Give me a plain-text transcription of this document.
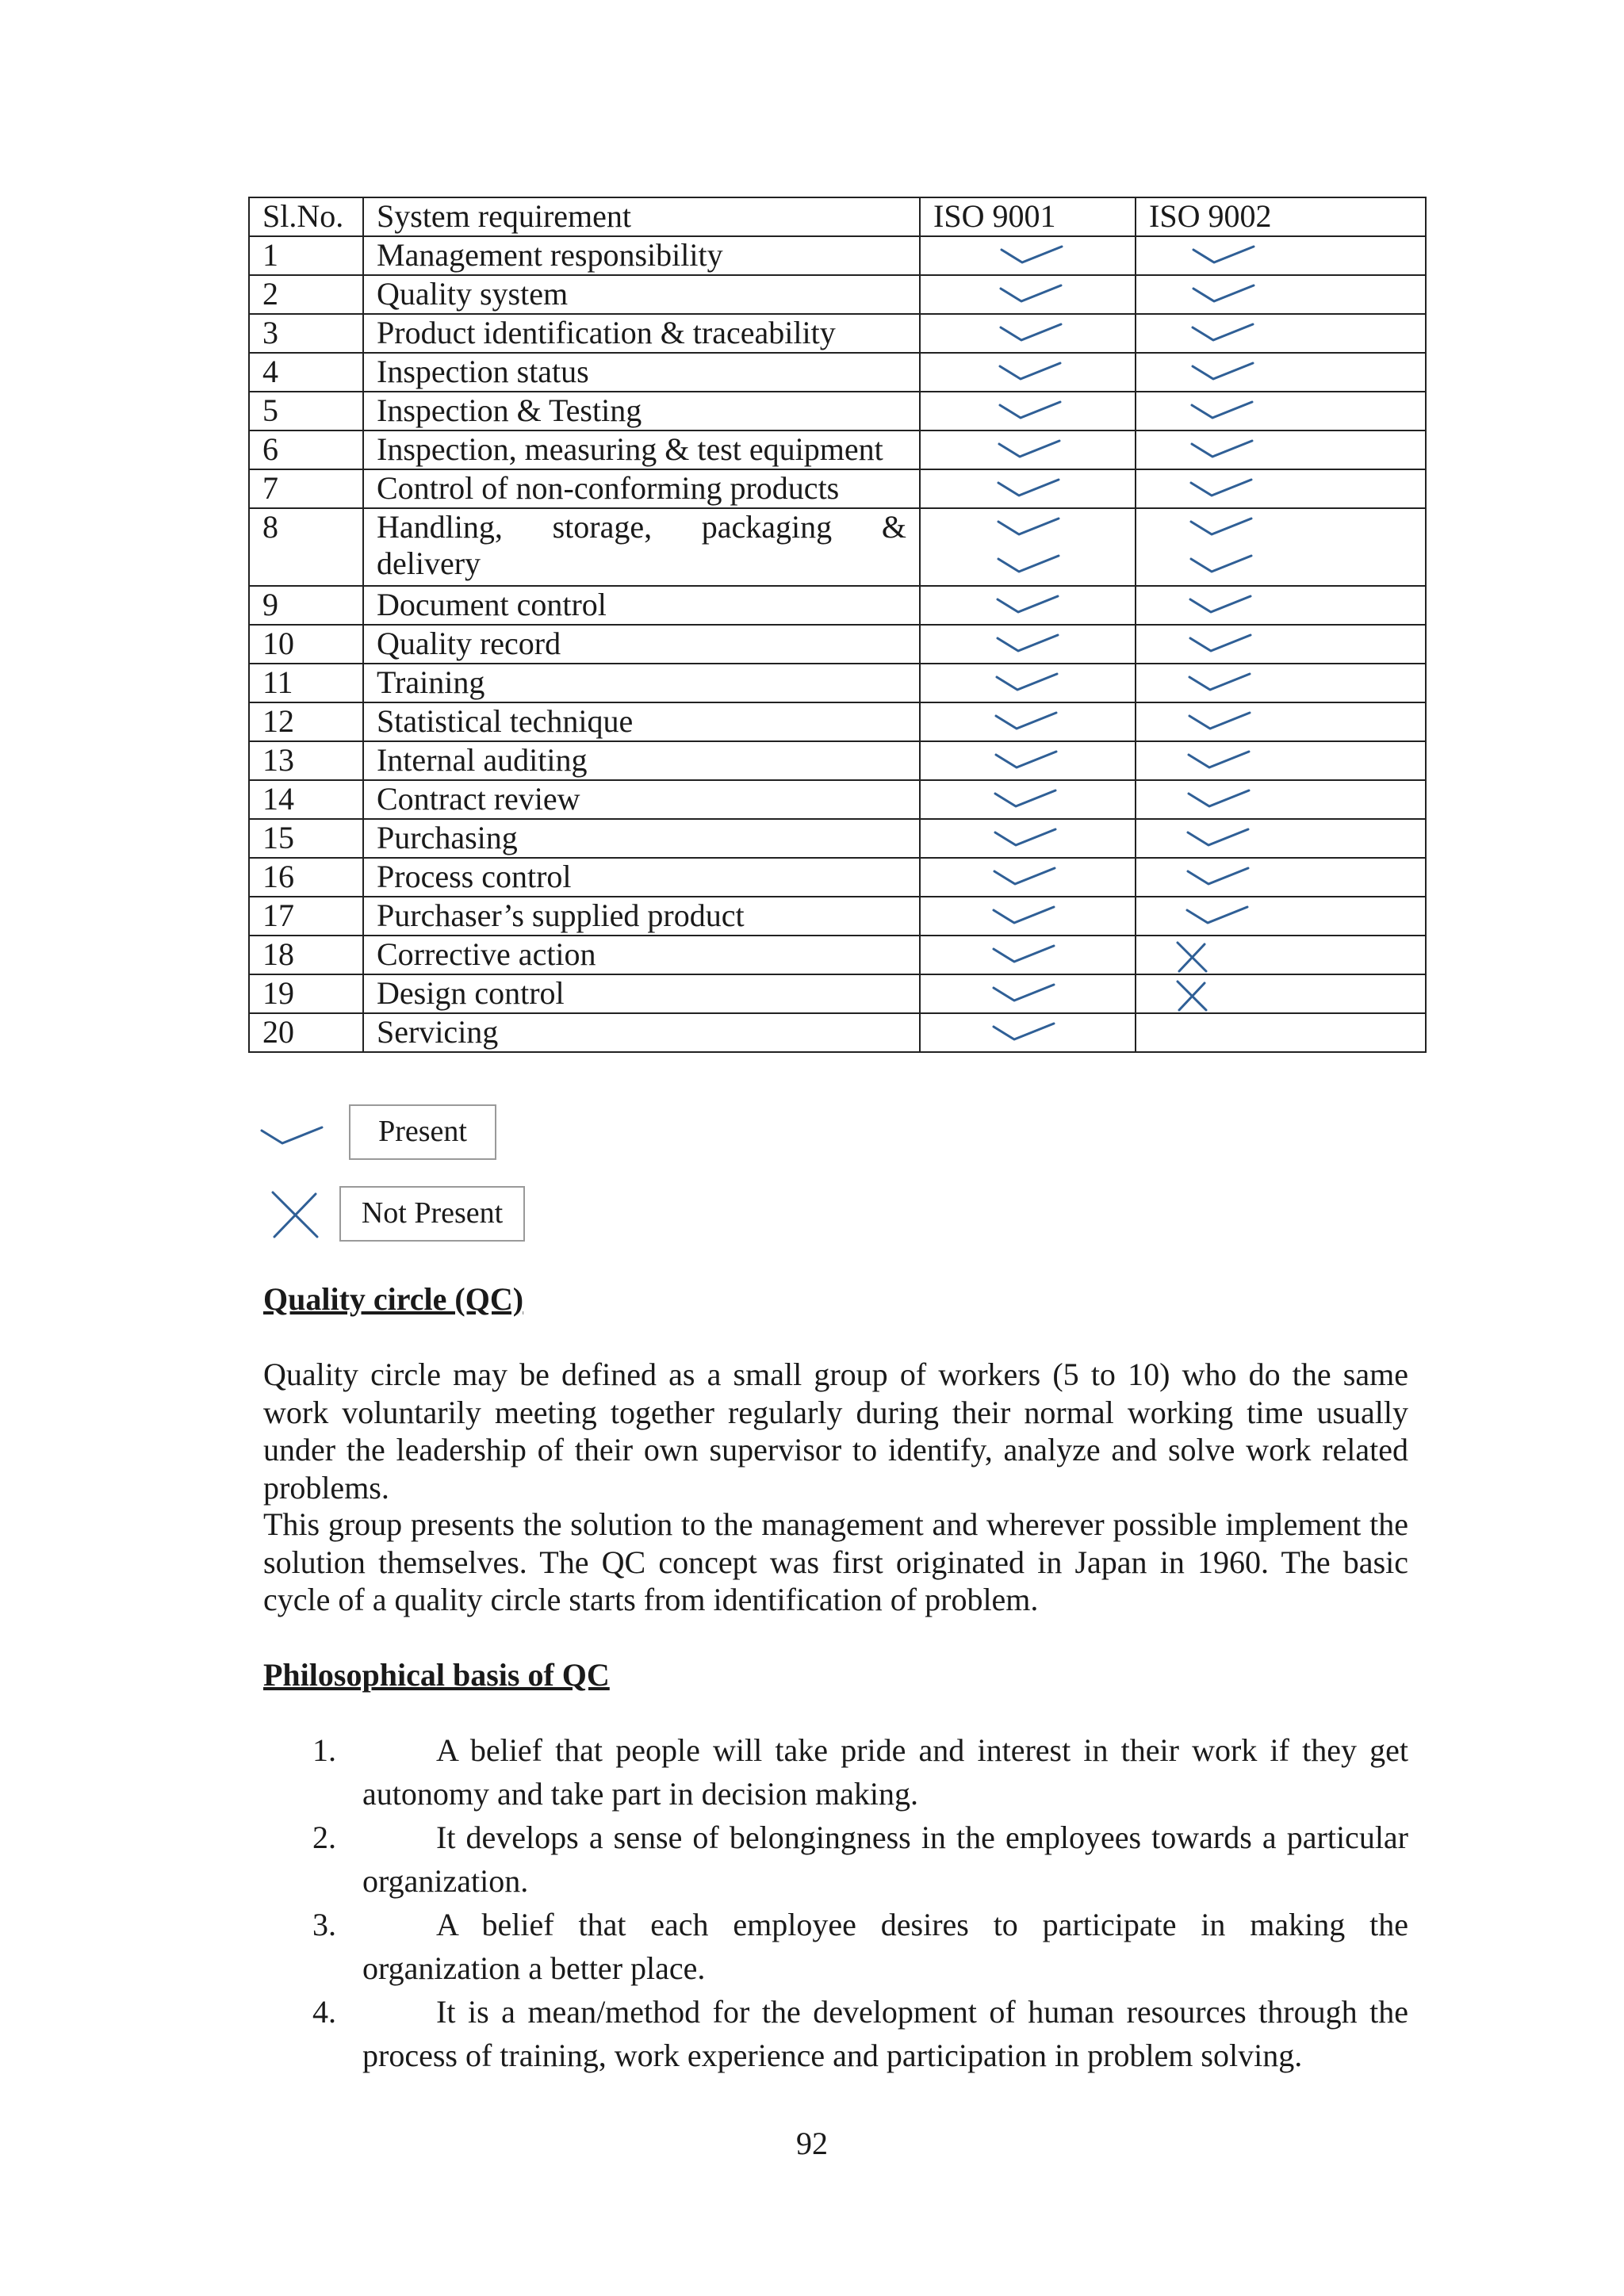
Sl.No.	System requirement	ISO 9001	ISO 9002
1	Management responsibility	

2	Quality system	

3	Product identification & traceability	

4	Inspection status	

5	Inspection & Testing	

6	Inspection, measuring & test equipment	

7	Control of non-conforming products	

8	Handling, storage, packaging &
delivery

9	Document control	

10	Quality record	

11	Training	

12	Statistical technique	

13	Internal auditing	

14	Contract review	

15	Purchasing	

16	Process control	

17	Purchaser’s supplied product	

18	Corrective action	

19	Design control	

20	Servicing	

Present
Not Present
Quality circle (QC)

Quality circle may be defined as a small group of workers (5 to 10) who do the same work voluntarily meeting together regularly during their normal working time usually under the leadership of their own supervisor to identify, analyze and solve work related problems.

This group presents the solution to the management and wherever possible implement the solution themselves. The QC concept was first originated in Japan in 1960. The basic cycle of a quality circle starts from identification of problem.

Philosophical basis of QC
1.	A belief that people will take pride and interest in their work if they get autonomy and take part in decision making.
2.	It develops a sense of belongingness in the employees towards a particular organization.
3.	A belief that each employee desires to participate in making the organization a better place.
4.	It is a mean/method for the development of human resources through the process of training, work experience and participation in problem solving.
92
